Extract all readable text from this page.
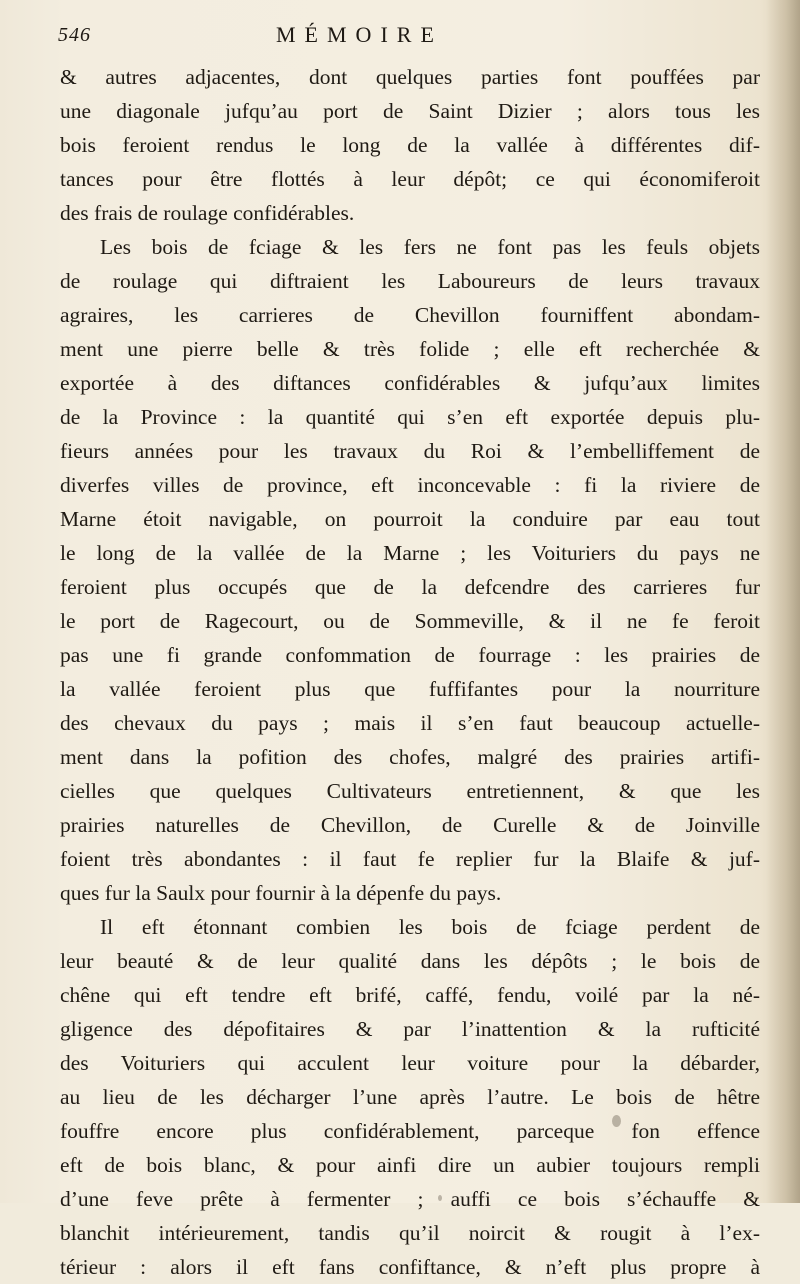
546	MÉMOIRE
& autres adjacentes, dont quelques parties font pouffées par
une diagonale jufqu’au port de Saint Dizier ; alors tous les
bois feroient rendus le long de la vallée à différentes dif-
tances pour être flottés à leur dépôt; ce qui économiferoit
des frais de roulage confidérables.
Les bois de fciage & les fers ne font pas les feuls objets
de roulage qui diftraient les Laboureurs de leurs travaux
agraires, les carrieres de Chevillon fourniffent abondam-
ment une pierre belle & très folide ; elle eft recherchée &
exportée à des diftances confidérables & jufqu’aux limites
de la Province : la quantité qui s’en eft exportée depuis plu-
fieurs années pour les travaux du Roi & l’embelliffement de
diverfes villes de province, eft inconcevable : fi la riviere de
Marne étoit navigable, on pourroit la conduire par eau tout
le long de la vallée de la Marne ; les Voituriers du pays ne
feroient plus occupés que de la defcendre des carrieres fur
le port de Ragecourt, ou de Sommeville, & il ne fe feroit
pas une fi grande confommation de fourrage : les prairies de
la vallée feroient plus que fuffifantes pour la nourriture
des chevaux du pays ; mais il s’en faut beaucoup actuelle-
ment dans la pofition des chofes, malgré des prairies artifi-
cielles que quelques Cultivateurs entretiennent, & que les
prairies naturelles de Chevillon, de Curelle & de Joinville
foient très abondantes : il faut fe replier fur la Blaife & juf-
ques fur la Saulx pour fournir à la dépenfe du pays.
Il eft étonnant combien les bois de fciage perdent de
leur beauté & de leur qualité dans les dépôts ; le bois de
chêne qui eft tendre eft brifé, caffé, fendu, voilé par la né-
gligence des dépofitaires & par l’inattention & la rufticité
des Voituriers qui acculent leur voiture pour la débarder,
au lieu de les décharger l’une après l’autre. Le bois de hêtre
fouffre encore plus confidérablement, parceque fon effence
eft de bois blanc, & pour ainfi dire un aubier toujours rempli
d’une feve prête à fermenter ; auffi ce bois s’échauffe &
blanchit intérieurement, tandis qu’il noircit & rougit à l’ex-
térieur : alors il eft fans confiftance, & n’eft plus propre à
